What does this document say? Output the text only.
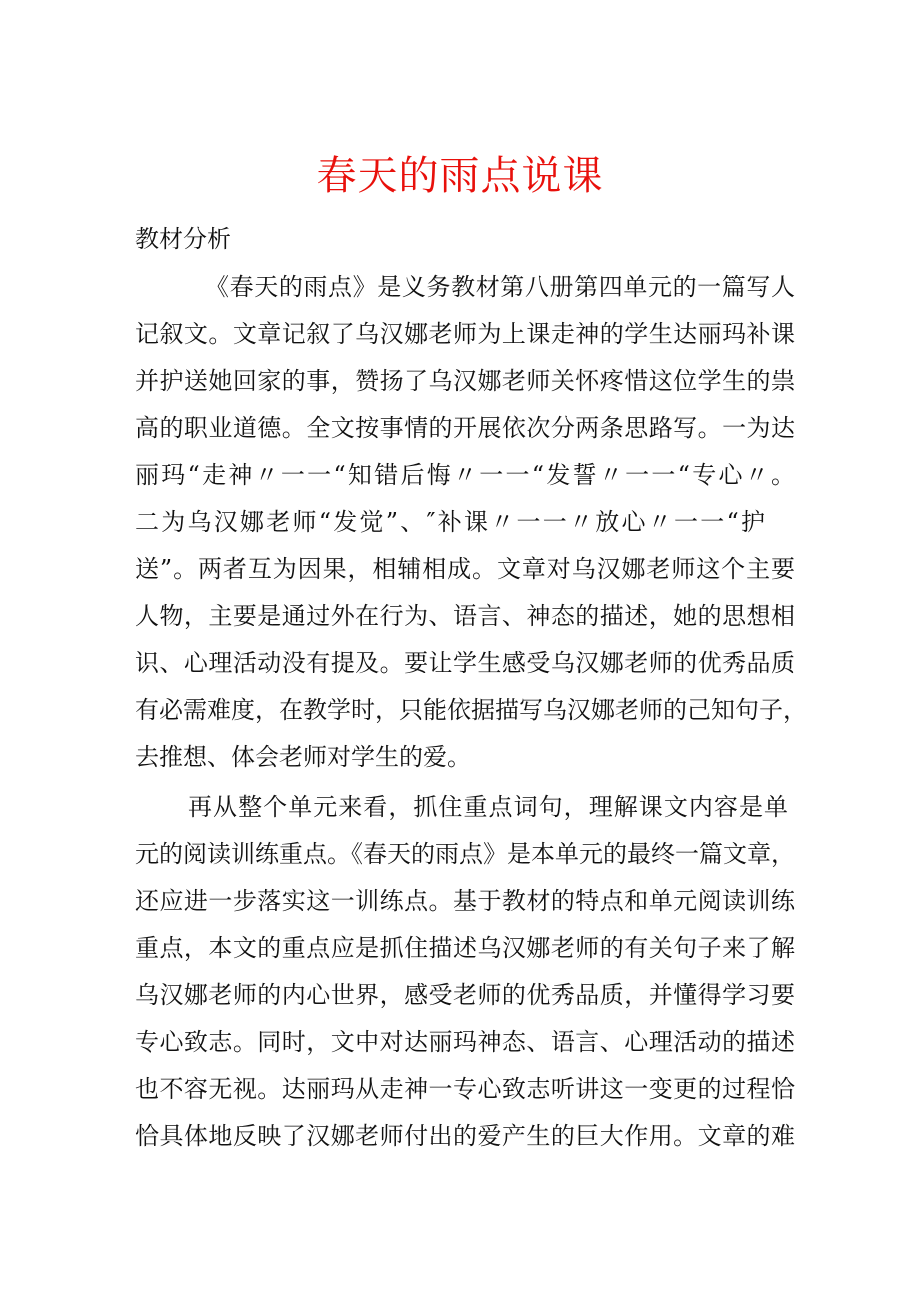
春天的雨点说课
教材分析
《春天的雨点》是义务教材第八册第四单元的一篇写人
记叙文。文章记叙了乌汉娜老师为上课走神的学生达丽玛补课
并护送她回家的事，赞扬了乌汉娜老师关怀疼惜这位学生的祟
高的职业道德。全文按事情的开展依次分两条思路写。一为达
丽玛“走神〃一一“知错后悔〃一一“发誓〃一一“专心〃。
二为乌汉娜老师“发觉”、″补课〃一一〃放心〃一一“护
送”。两者互为因果，相辅相成。文章对乌汉娜老师这个主要
人物，主要是通过外在行为、语言、神态的描述，她的思想相
识、心理活动没有提及。要让学生感受乌汉娜老师的优秀品质
有必需难度，在教学时，只能依据描写乌汉娜老师的己知句子，
去推想、体会老师对学生的爱。
再从整个单元来看，抓住重点词句，理解课文内容是单
元的阅读训练重点。《春天的雨点》是本单元的最终一篇文章，
还应进一步落实这一训练点。基于教材的特点和单元阅读训练
重点，本文的重点应是抓住描述乌汉娜老师的有关句子来了解
乌汉娜老师的内心世界，感受老师的优秀品质，并懂得学习要
专心致志。同时，文中对达丽玛神态、语言、心理活动的描述
也不容无视。达丽玛从走神一专心致志听讲这一变更的过程恰
恰具体地反映了汉娜老师付出的爱产生的巨大作用。文章的难
